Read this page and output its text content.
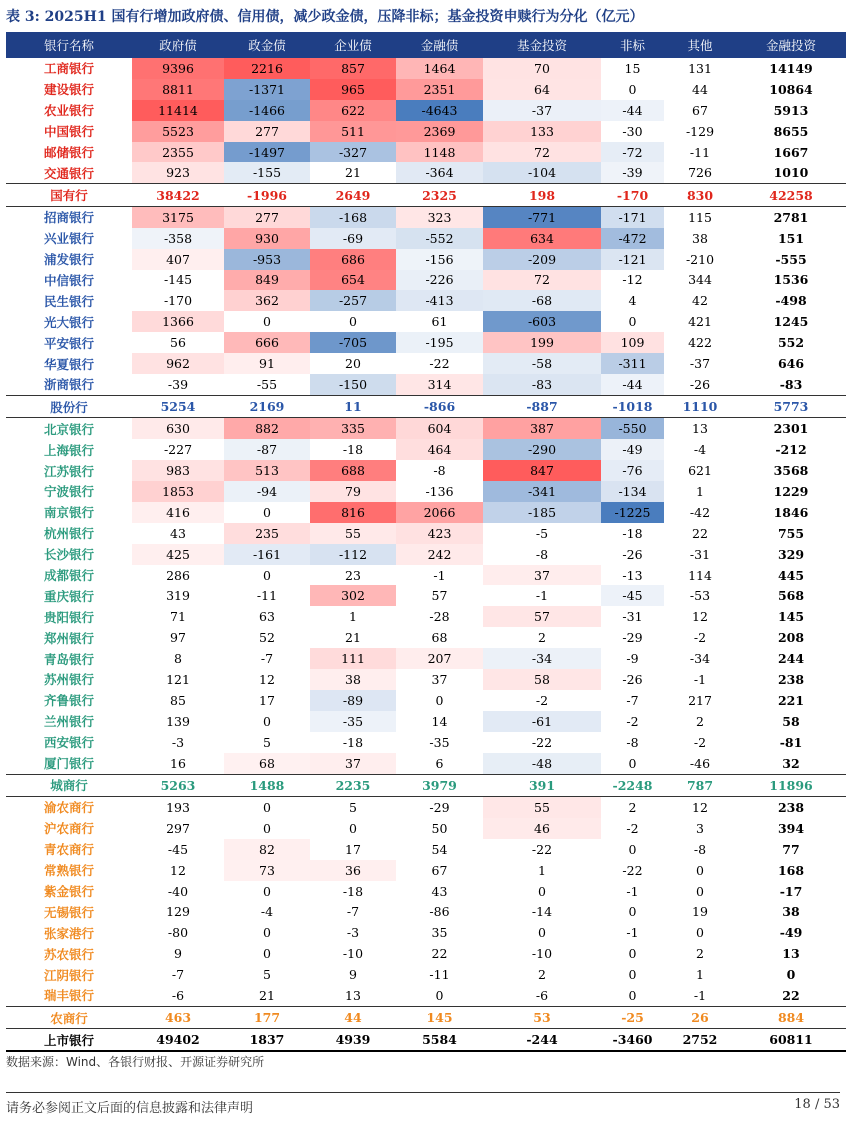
表 3: 2025H1 国有行增加政府债、信用债，减少政金债，压降非标；基金投资申赎行为分化（亿元）
银行名称	政府债	政金债	企业债	金融债	基金投资	非标	其他	金融投资
工商银行	9396	2216	857	1464	70	15	131	14149
建设银行	8811	-1371	965	2351	64	0	44	10864
农业银行	11414	-1466	622	-4643	-37	-44	67	5913
中国银行	5523	277	511	2369	133	-30	-129	8655
邮储银行	2355	-1497	-327	1148	72	-72	-11	1667
交通银行	923	-155	21	-364	-104	-39	726	1010
国有行	38422	-1996	2649	2325	198	-170	830	42258
招商银行	3175	277	-168	323	-771	-171	115	2781
兴业银行	-358	930	-69	-552	634	-472	38	151
浦发银行	407	-953	686	-156	-209	-121	-210	-555
中信银行	-145	849	654	-226	72	-12	344	1536
民生银行	-170	362	-257	-413	-68	4	42	-498
光大银行	1366	0	0	61	-603	0	421	1245
平安银行	56	666	-705	-195	199	109	422	552
华夏银行	962	91	20	-22	-58	-311	-37	646
浙商银行	-39	-55	-150	314	-83	-44	-26	-83
股份行	5254	2169	11	-866	-887	-1018	1110	5773
北京银行	630	882	335	604	387	-550	13	2301
上海银行	-227	-87	-18	464	-290	-49	-4	-212
江苏银行	983	513	688	-8	847	-76	621	3568
宁波银行	1853	-94	79	-136	-341	-134	1	1229
南京银行	416	0	816	2066	-185	-1225	-42	1846
杭州银行	43	235	55	423	-5	-18	22	755
长沙银行	425	-161	-112	242	-8	-26	-31	329
成都银行	286	0	23	-1	37	-13	114	445
重庆银行	319	-11	302	57	-1	-45	-53	568
贵阳银行	71	63	1	-28	57	-31	12	145
郑州银行	97	52	21	68	2	-29	-2	208
青岛银行	8	-7	111	207	-34	-9	-34	244
苏州银行	121	12	38	37	58	-26	-1	238
齐鲁银行	85	17	-89	0	-2	-7	217	221
兰州银行	139	0	-35	14	-61	-2	2	58
西安银行	-3	5	-18	-35	-22	-8	-2	-81
厦门银行	16	68	37	6	-48	0	-46	32
城商行	5263	1488	2235	3979	391	-2248	787	11896
渝农商行	193	0	5	-29	55	2	12	238
沪农商行	297	0	0	50	46	-2	3	394
青农商行	-45	82	17	54	-22	0	-8	77
常熟银行	12	73	36	67	1	-22	0	168
紫金银行	-40	0	-18	43	0	-1	0	-17
无锡银行	129	-4	-7	-86	-14	0	19	38
张家港行	-80	0	-3	35	0	-1	0	-49
苏农银行	9	0	-10	22	-10	0	2	13
江阴银行	-7	5	9	-11	2	0	1	0
瑞丰银行	-6	21	13	0	-6	0	-1	22
农商行	463	177	44	145	53	-25	26	884
上市银行	49402	1837	4939	5584	-244	-3460	2752	60811
数据来源：Wind、各银行财报、开源证券研究所
请务必参阅正文后面的信息披露和法律声明	18 / 53
